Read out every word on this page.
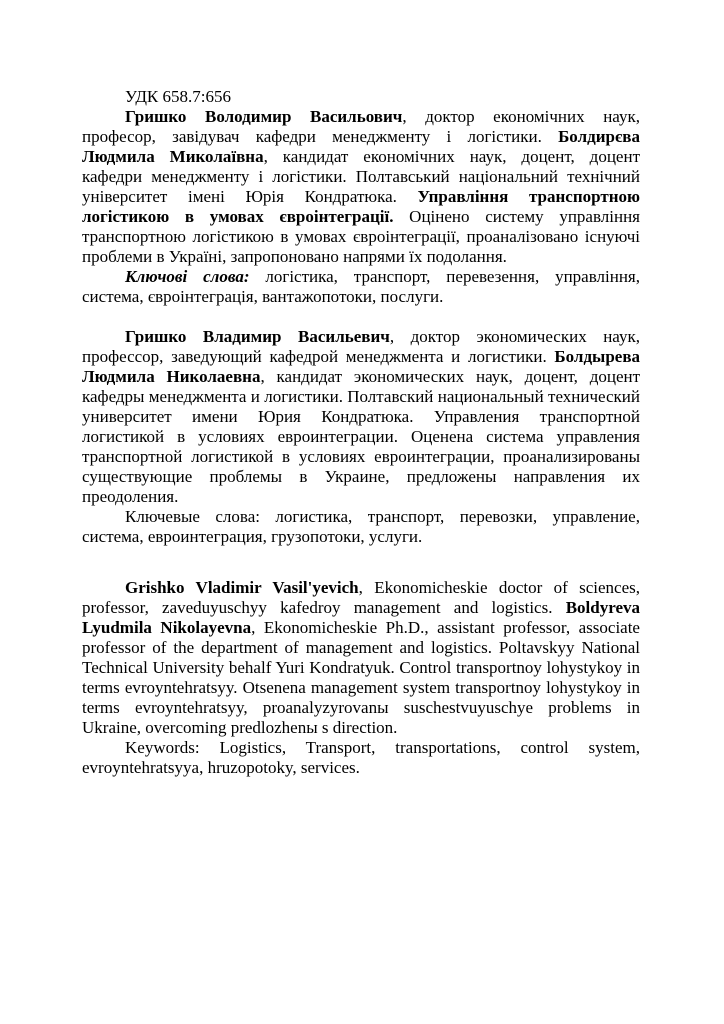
УДК 658.7:656

Гришко Володимир Васильович, доктор економічних наук, професор, завідувач кафедри менеджменту і логістики. Болдирєва Людмила Миколаївна, кандидат економічних наук, доцент, доцент кафедри менеджменту і логістики. Полтавський національний технічний університет імені Юрія Кондратюка. Управління транспортною логістикою в умовах євроінтеграції. Оцінено систему управління транспортною логістикою в умовах євроінтеграції, проаналізовано існуючі проблеми в Україні, запропоновано напрями їх подолання.

Ключові слова: логістика, транспорт, перевезення, управління, система, євроінтеграція, вантажопотоки, послуги.

Гришко Владимир Васильевич, доктор экономических наук, профессор, заведующий кафедрой менеджмента и логистики. Болдырева Людмила Николаевна, кандидат экономических наук, доцент, доцент кафедры менеджмента и логистики. Полтавский национальный технический университет имени Юрия Кондратюка. Управления транспортной логистикой в условиях евроинтеграции. Оценена система управления транспортной логистикой в условиях евроинтеграции, проанализированы существующие проблемы в Украине, предложены направления их преодоления.

Ключевые слова: логистика, транспорт, перевозки, управление, система, евроинтеграция, грузопотоки, услуги.

Grishko Vladimir Vasil'yevich, Ekonomicheskie doctor of sciences, professor, zaveduyuschyy kafedroy management and logistics. Boldyreva Lyudmila Nikolayevna, Ekonomicheskie Ph.D., assistant professor, associate professor of the department of management and logistics. Poltavskyy National Technical University behalf Yuri Kondratyuk. Control transportnoy lohystykoy in terms evroyntehratsyy. Otsenena management system transportnoy lohystykoy in terms evroyntehratsyy, proanalyzyrovanы suschestvuyuschye problems in Ukraine, overcoming predlozhenы s direction.

Keywords: Logistics, Transport, transportations, control system, evroyntehratsyya, hruzopotoky, services.
